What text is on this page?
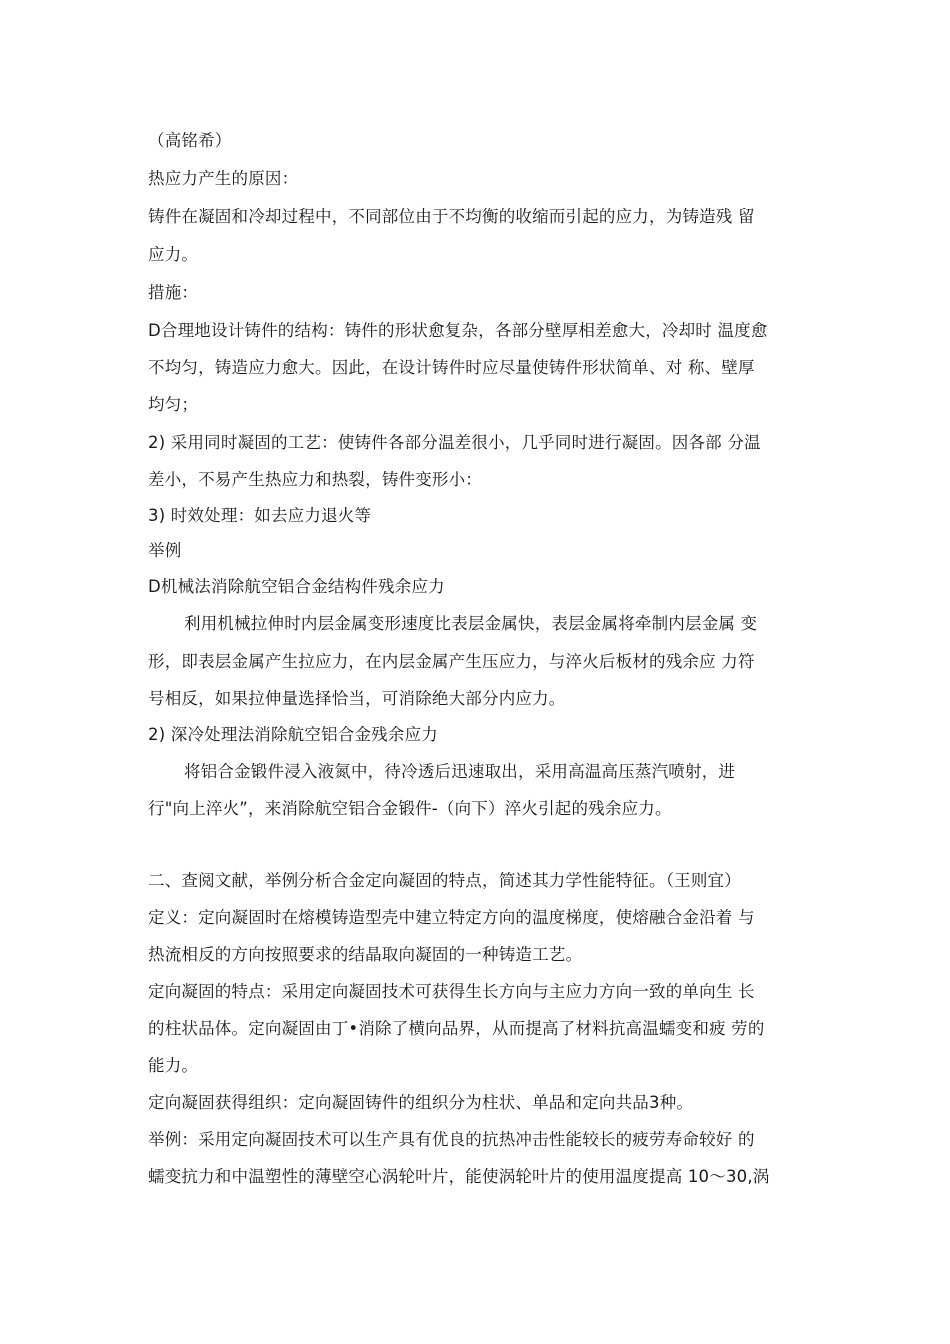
（高铭希）
热应力产生的原因：
铸件在凝固和冷却过程中，不同部位由于不均衡的收缩而引起的应力，为铸造残 留
应力。
措施：
D合理地设计铸件的结构：铸件的形状愈复杂，各部分壁厚相差愈大，冷却时 温度愈
不均匀，铸造应力愈大。因此，在设计铸件时应尽量使铸件形状简单、对 称、壁厚
均匀；
2) 采用同时凝固的工艺：使铸件各部分温差很小，几乎同时进行凝固。因各部 分温
差小，不易产生热应力和热裂，铸件变形小：
3) 时效处理：如去应力退火等
举例
D机械法消除航空铝合金结构件残余应力
利用机械拉伸时内层金属变形速度比表层金属快，表层金属将牵制内层金属 变
形，即表层金属产生拉应力，在内层金属产生压应力，与淬火后板材的残余应 力符
号相反，如果拉伸量选择恰当，可消除绝大部分内应力。
2) 深冷处理法消除航空铝合金残余应力
将铝合金锻件浸入液氮中，待冷透后迅速取出，采用高温高压蒸汽喷射，进
行"向上淬火”，来消除航空铝合金锻件-（向下）淬火引起的残余应力。
二、查阅文献，举例分析合金定向凝固的特点，简述其力学性能特征。（王则宜）
定义：定向凝固时在熔模铸造型壳中建立特定方向的温度梯度，使熔融合金沿着 与
热流相反的方向按照要求的结晶取向凝固的一种铸造工艺。
定向凝固的特点：采用定向凝固技术可获得生长方向与主应力方向一致的单向生 长
的柱状品体。定向凝固由丁•消除了横向品界，从而提高了材料抗高温蠕变和疲 劳的
能力。
定向凝固获得组织：定向凝固铸件的组织分为柱状、单品和定向共品3种。
举例：采用定向凝固技术可以生产具有优良的抗热冲击性能较长的疲劳寿命较好 的
蠕变抗力和中温塑性的薄壁空心涡轮叶片，能使涡轮叶片的使用温度提高 10〜30,涡
